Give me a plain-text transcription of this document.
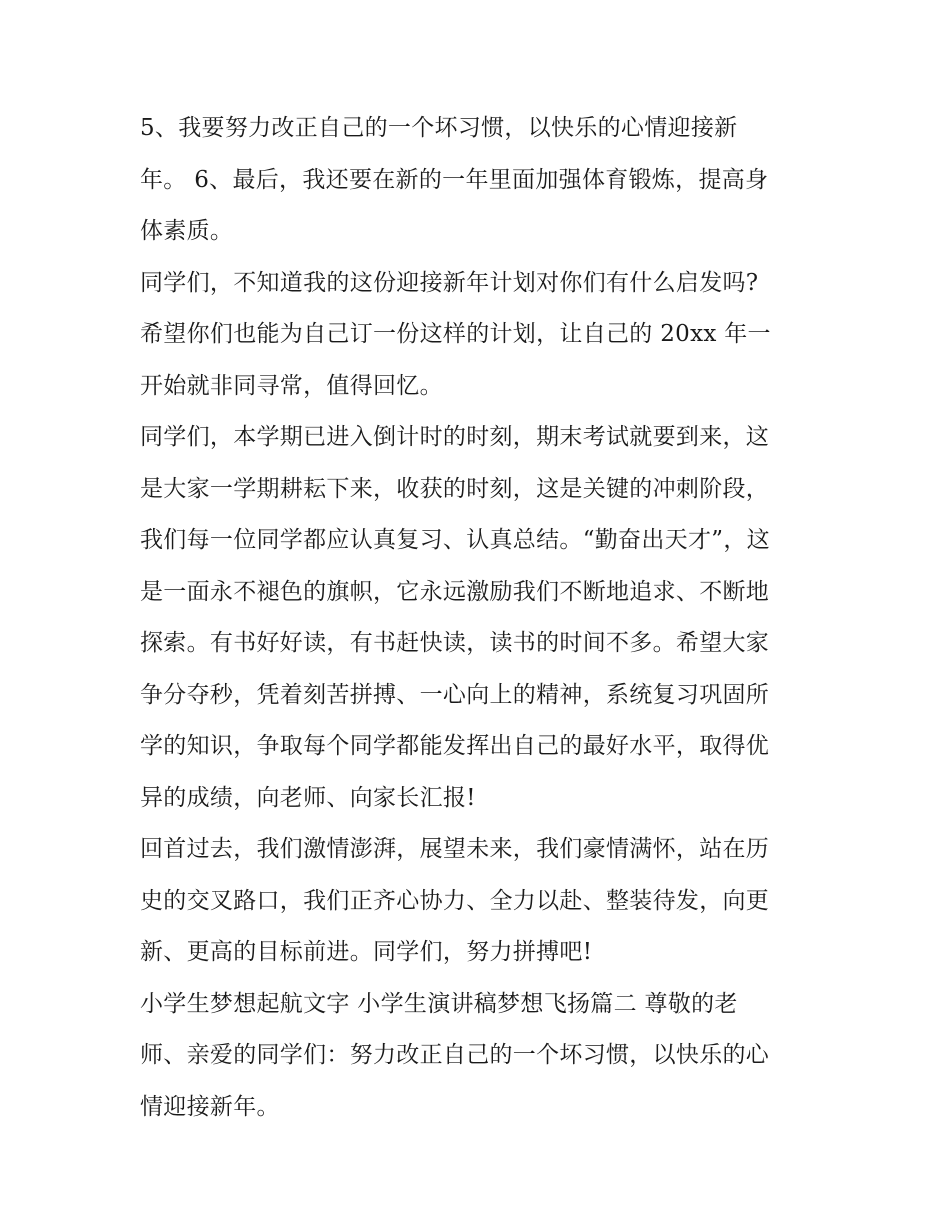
5、我要努力改正自己的一个坏习惯，以快乐的心情迎接新
年。 6、最后，我还要在新的一年里面加强体育锻炼，提高身
体素质。

同学们，不知道我的这份迎接新年计划对你们有什么启发吗?
希望你们也能为自己订一份这样的计划，让自己的 20xx 年一
开始就非同寻常，值得回忆。

同学们，本学期已进入倒计时的时刻，期末考试就要到来，这
是大家一学期耕耘下来，收获的时刻，这是关键的冲刺阶段，
我们每一位同学都应认真复习、认真总结。“勤奋出天才”，这
是一面永不褪色的旗帜，它永远激励我们不断地追求、不断地
探索。有书好好读，有书赶快读，读书的时间不多。希望大家
争分夺秒，凭着刻苦拼搏、一心向上的精神，系统复习巩固所
学的知识，争取每个同学都能发挥出自己的最好水平，取得优
异的成绩，向老师、向家长汇报!

回首过去，我们激情澎湃，展望未来，我们豪情满怀，站在历
史的交叉路口，我们正齐心协力、全力以赴、整装待发，向更
新、更高的目标前进。同学们，努力拼搏吧!

小学生梦想起航文字 小学生演讲稿梦想飞扬篇二 尊敬的老
师、亲爱的同学们：努力改正自己的一个坏习惯，以快乐的心
情迎接新年。
